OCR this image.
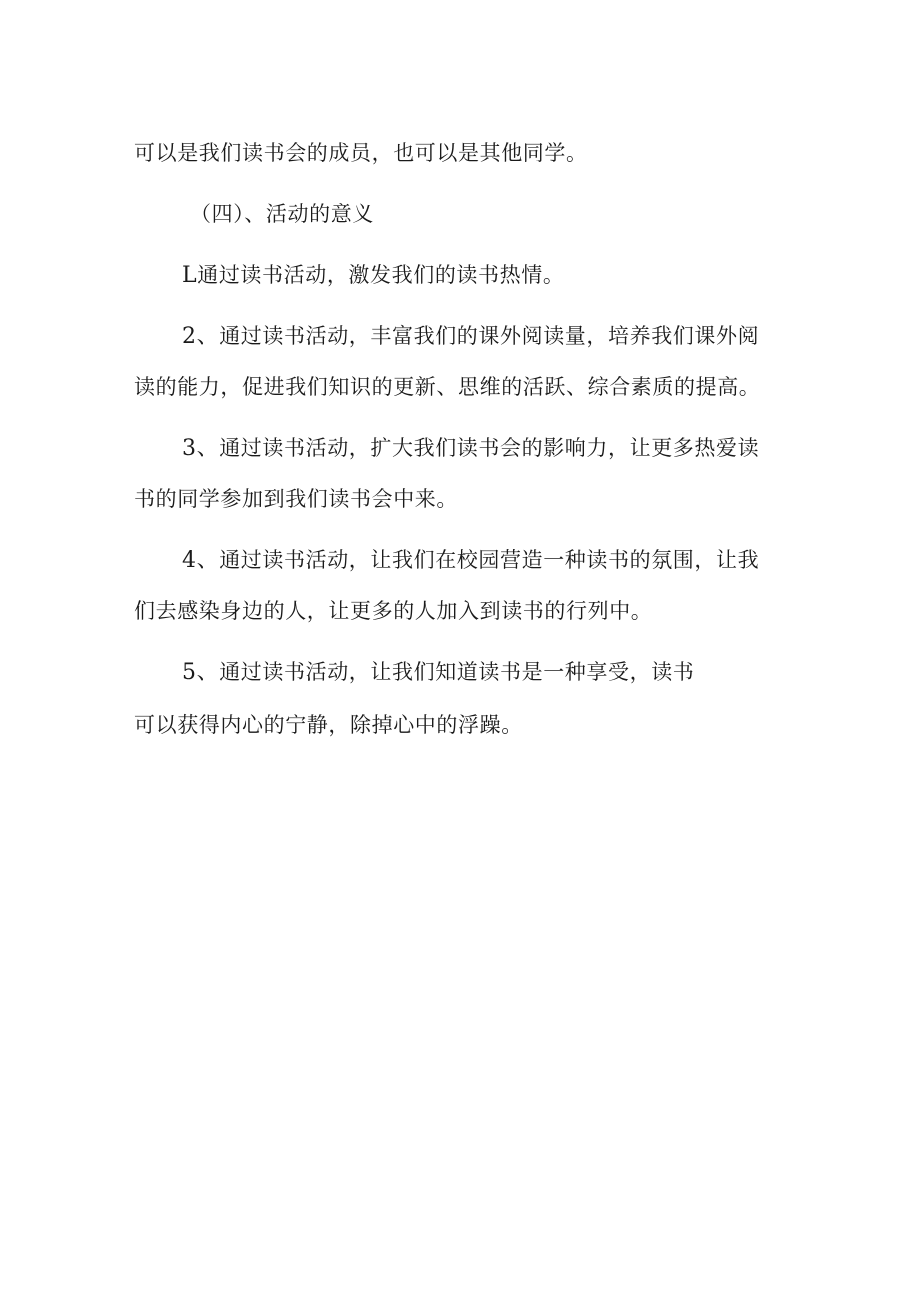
可以是我们读书会的成员，也可以是其他同学。
（四）、活动的意义
L通过读书活动，激发我们的读书热情。
2、通过读书活动，丰富我们的课外阅读量，培养我们课外阅
读的能力，促进我们知识的更新、思维的活跃、综合素质的提高。
3、通过读书活动，扩大我们读书会的影响力，让更多热爱读
书的同学参加到我们读书会中来。
4、通过读书活动，让我们在校园营造一种读书的氛围，让我
们去感染身边的人，让更多的人加入到读书的行列中。
5、通过读书活动，让我们知道读书是一种享受，读书
可以获得内心的宁静，除掉心中的浮躁。
